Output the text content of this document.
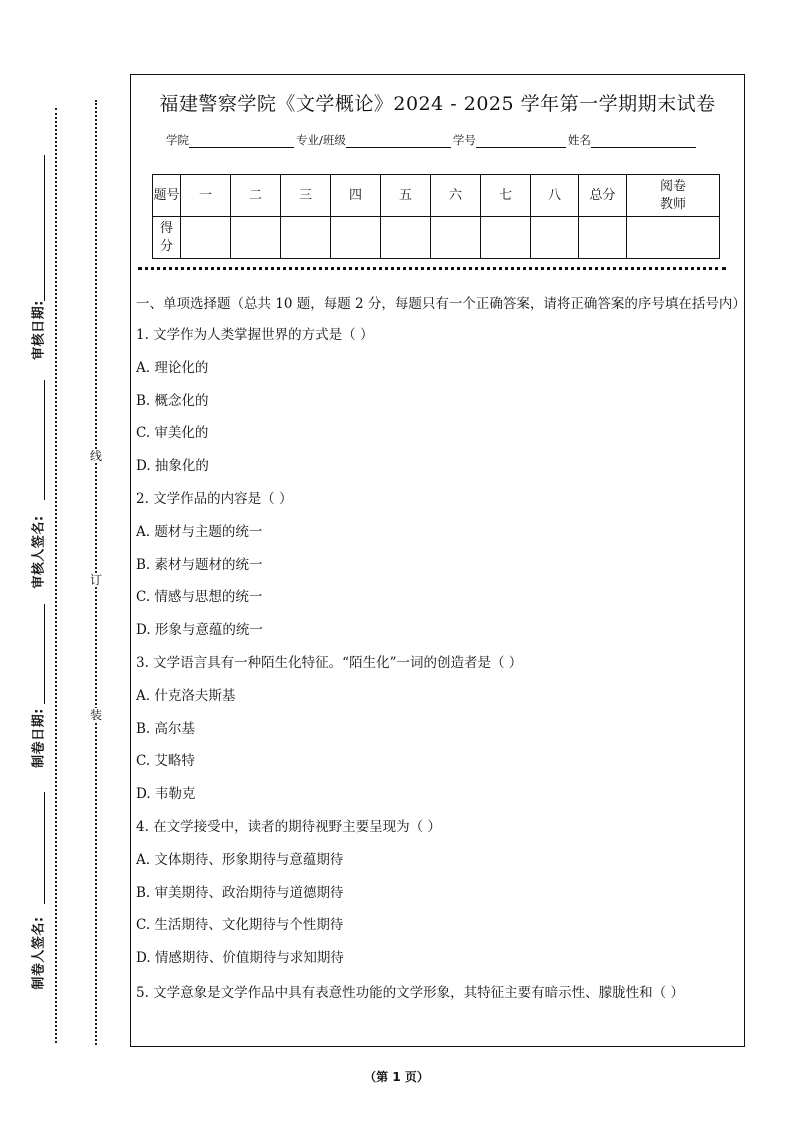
审核日期:
审核人签名:
制卷日期:
制卷人签名:
线
订
装
福建警察学院《文学概论》2024 - 2025 学年第一学期期末试卷
学院	专业/班级	学号	姓名
题号	一	二	三	四	五	六	七	八	总分	阅卷教师
得分										
一、单项选择题（总共 10 题，每题 2 分，每题只有一个正确答案，请将正确答案的序号填在括号内）
1. 文学作为人类掌握世界的方式是（ ）
A. 理论化的
B. 概念化的
C. 审美化的
D. 抽象化的
2. 文学作品的内容是（ ）
A. 题材与主题的统一
B. 素材与题材的统一
C. 情感与思想的统一
D. 形象与意蕴的统一
3. 文学语言具有一种陌生化特征。“陌生化”一词的创造者是（ ）
A. 什克洛夫斯基
B. 高尔基
C. 艾略特
D. 韦勒克
4. 在文学接受中，读者的期待视野主要呈现为（ ）
A. 文体期待、形象期待与意蕴期待
B. 审美期待、政治期待与道德期待
C. 生活期待、文化期待与个性期待
D. 情感期待、价值期待与求知期待
5. 文学意象是文学作品中具有表意性功能的文学形象，其特征主要有暗示性、朦胧性和（ ）
（第 1 页）
